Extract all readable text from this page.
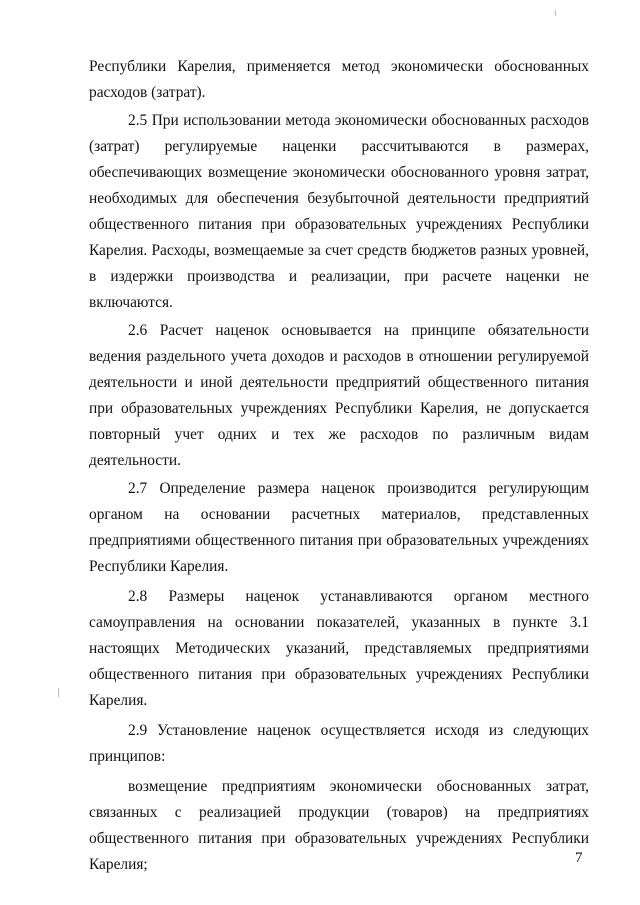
Республики Карелия, применяется метод экономически обоснованных расходов (затрат).

2.5 При использовании метода экономически обоснованных расходов (затрат) регулируемые наценки рассчитываются в размерах, обеспечивающих возмещение экономически обоснованного уровня затрат, необходимых для обеспечения безубыточной деятельности предприятий общественного питания при образовательных учреждениях Республики Карелия. Расходы, возмещаемые за счет средств бюджетов разных уровней, в издержки производства и реализации, при расчете наценки не включаются.

2.6 Расчет наценок основывается на принципе обязательности ведения раздельного учета доходов и расходов в отношении регулируемой деятельности и иной деятельности предприятий общественного питания при образовательных учреждениях Республики Карелия, не допускается повторный учет одних и тех же расходов по различным видам деятельности.

2.7 Определение размера наценок производится регулирующим органом на основании расчетных материалов, представленных предприятиями общественного питания при образовательных учреждениях Республики Карелия.

2.8 Размеры наценок устанавливаются органом местного самоуправления на основании показателей, указанных в пункте 3.1 настоящих Методических указаний, представляемых предприятиями общественного питания при образовательных учреждениях Республики Карелия.

2.9 Установление наценок осуществляется исходя из следующих принципов:

возмещение предприятиям экономически обоснованных затрат, связанных с реализацией продукции (товаров) на предприятиях общественного питания при образовательных учреждениях Республики Карелия;	7
